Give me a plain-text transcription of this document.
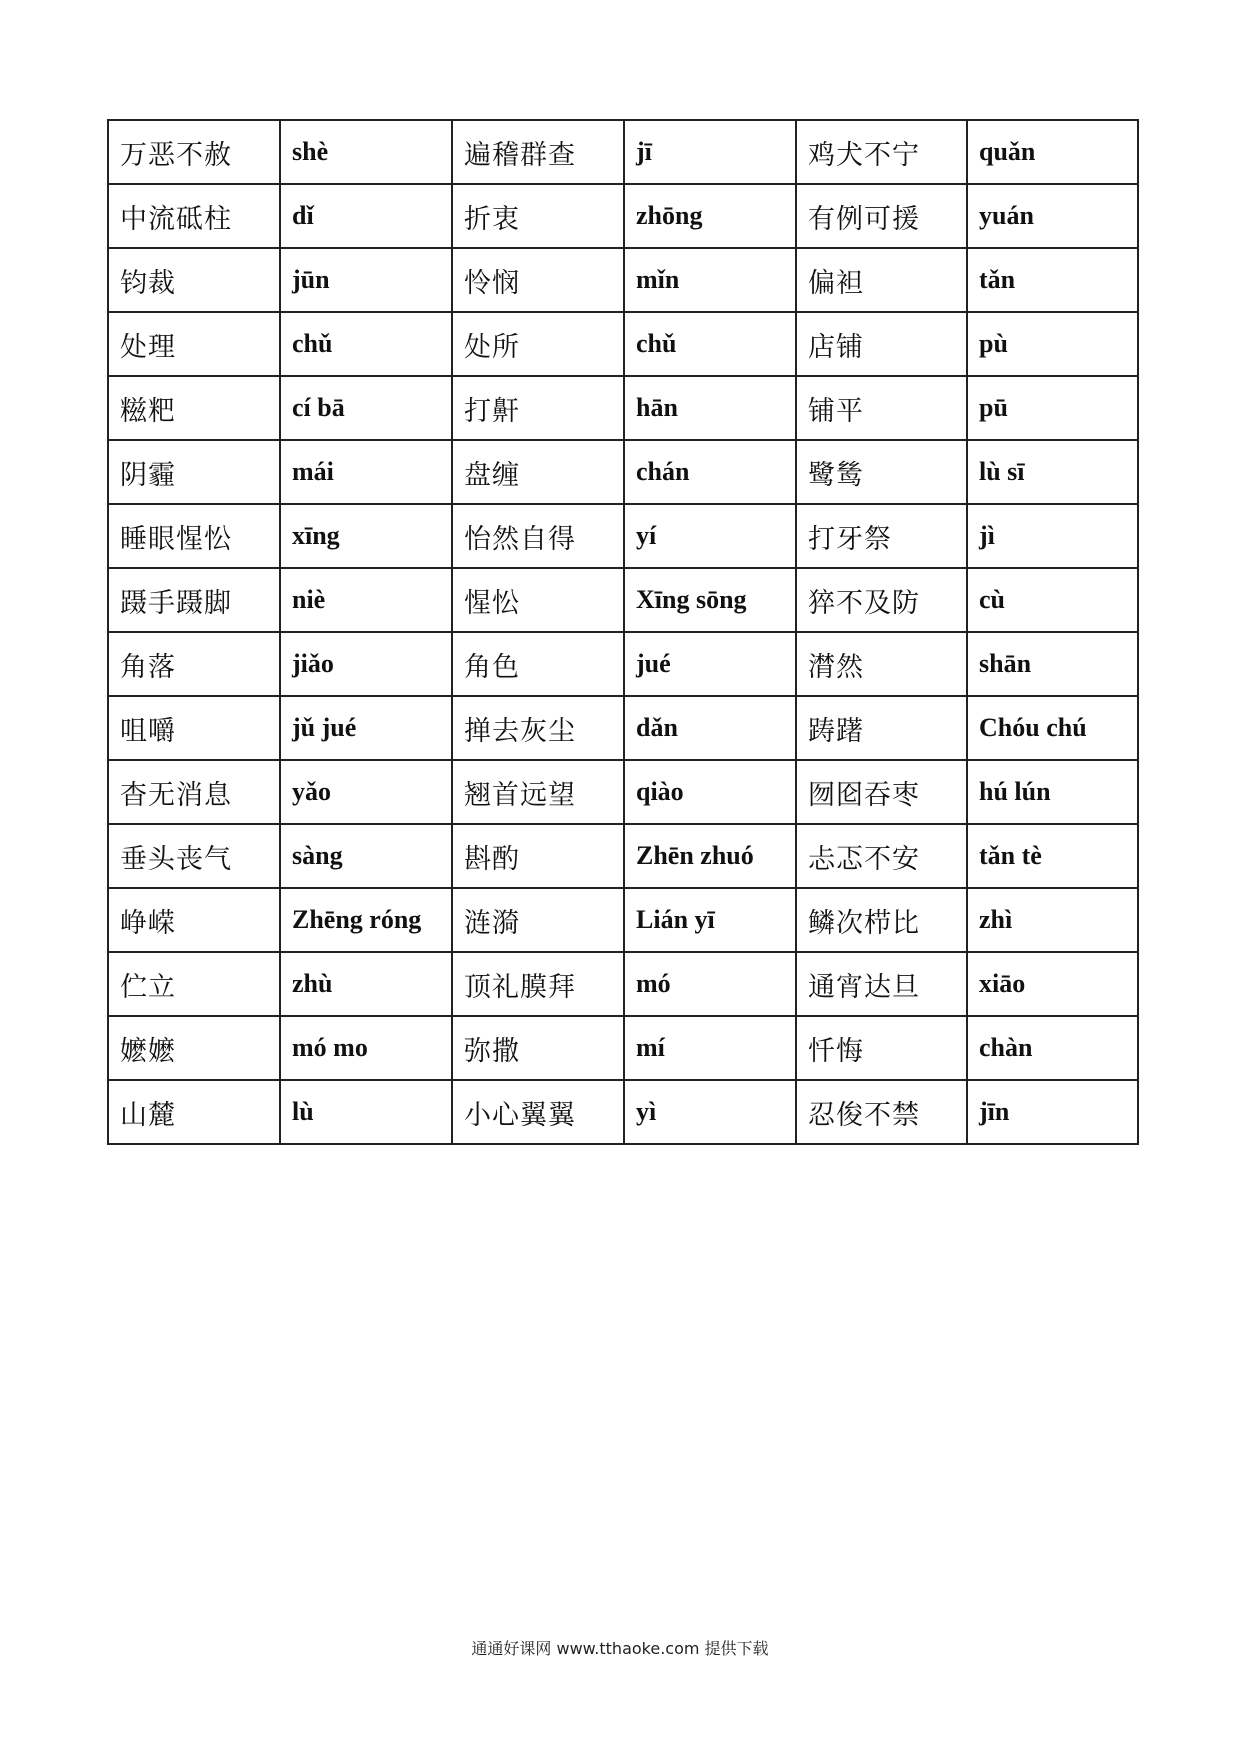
万恶不赦	shè	遍稽群查	jī	鸡犬不宁	quǎn
中流砥柱	dǐ	折衷	zhōng	有例可援	yuán
钧裁	jūn	怜悯	mǐn	偏袒	tǎn
处理	chǔ	处所	chǔ	店铺	pù
糍粑	cí bā	打鼾	hān	铺平	pū
阴霾	mái	盘缠	chán	鹭鸶	lù sī
睡眼惺忪	xīng	怡然自得	yí	打牙祭	jì
蹑手蹑脚	niè	惺忪	Xīng sōng	猝不及防	cù
角落	jiǎo	角色	jué	潸然	shān
咀嚼	jǔ jué	掸去灰尘	dǎn	踌躇	Chóu chú
杳无消息	yǎo	翘首远望	qiào	囫囵吞枣	hú lún
垂头丧气	sàng	斟酌	Zhēn zhuó	忐忑不安	tǎn tè
峥嵘	Zhēng róng	涟漪	Lián yī	鳞次栉比	zhì
伫立	zhù	顶礼膜拜	mó	通宵达旦	xiāo
嬷嬷	mó mo	弥撒	mí	忏悔	chàn
山麓	lù	小心翼翼	yì	忍俊不禁	jīn
通通好课网 www.tthaoke.com 提供下载
